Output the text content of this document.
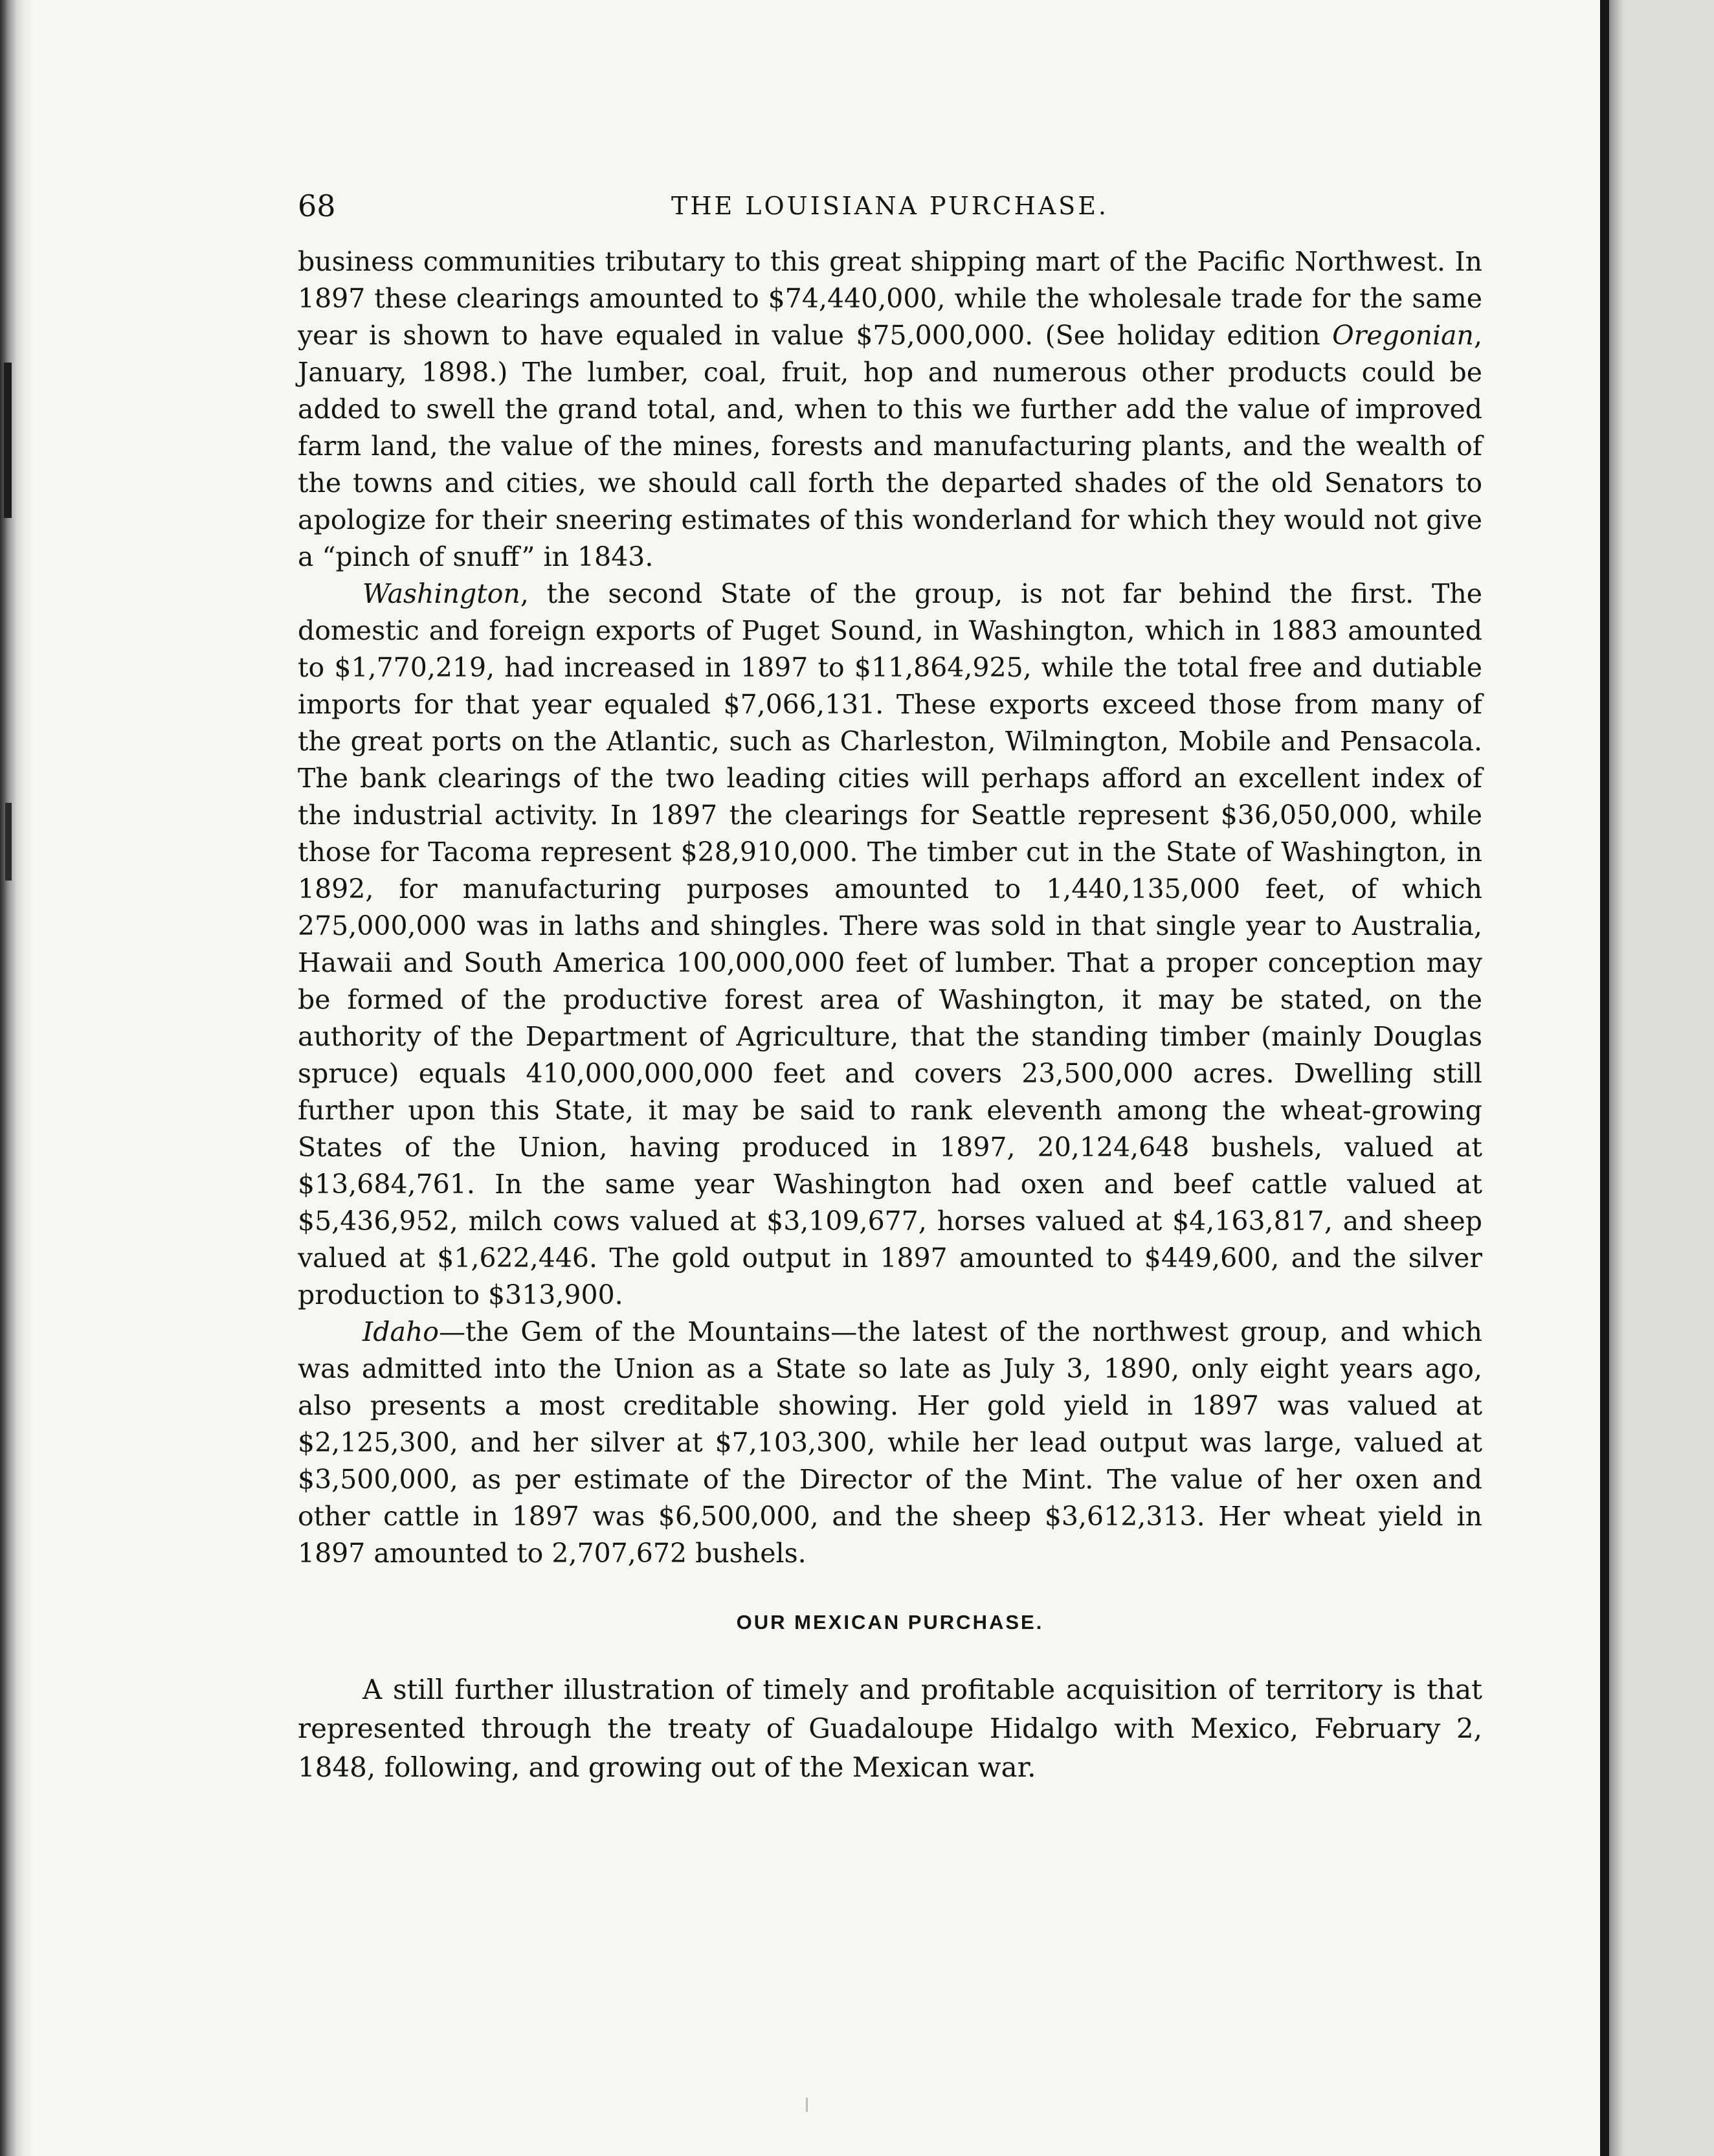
68	THE LOUISIANA PURCHASE.

business communities tributary to this great shipping mart of the Pacific Northwest. In 1897 these clearings amounted to $74,440,000, while the wholesale trade for the same year is shown to have equaled in value $75,000,000. (See holiday edition Oregonian, January, 1898.) The lumber, coal, fruit, hop and numerous other products could be added to swell the grand total, and, when to this we further add the value of improved farm land, the value of the mines, forests and manufacturing plants, and the wealth of the towns and cities, we should call forth the departed shades of the old Senators to apologize for their sneering estimates of this wonderland for which they would not give a “pinch of snuff” in 1843.

Washington, the second State of the group, is not far behind the first. The domestic and foreign exports of Puget Sound, in Washington, which in 1883 amounted to $1,770,219, had increased in 1897 to $11,864,925, while the total free and dutiable imports for that year equaled $7,066,131. These exports exceed those from many of the great ports on the Atlantic, such as Charleston, Wilmington, Mobile and Pensacola. The bank clearings of the two leading cities will perhaps afford an excellent index of the industrial activity. In 1897 the clearings for Seattle represent $36,050,000, while those for Tacoma represent $28,910,000. The timber cut in the State of Washington, in 1892, for manufacturing purposes amounted to 1,440,135,000 feet, of which 275,000,000 was in laths and shingles. There was sold in that single year to Australia, Hawaii and South America 100,000,000 feet of lumber. That a proper conception may be formed of the productive forest area of Washington, it may be stated, on the authority of the Department of Agriculture, that the standing timber (mainly Douglas spruce) equals 410,000,000,000 feet and covers 23,500,000 acres. Dwelling still further upon this State, it may be said to rank eleventh among the wheat-growing States of the Union, having produced in 1897, 20,124,648 bushels, valued at $13,684,761. In the same year Washington had oxen and beef cattle valued at $5,436,952, milch cows valued at $3,109,677, horses valued at $4,163,817, and sheep valued at $1,622,446. The gold output in 1897 amounted to $449,600, and the silver production to $313,900.

Idaho—the Gem of the Mountains—the latest of the northwest group, and which was admitted into the Union as a State so late as July 3, 1890, only eight years ago, also presents a most creditable showing. Her gold yield in 1897 was valued at $2,125,300, and her silver at $7,103,300, while her lead output was large, valued at $3,500,000, as per estimate of the Director of the Mint. The value of her oxen and other cattle in 1897 was $6,500,000, and the sheep $3,612,313. Her wheat yield in 1897 amounted to 2,707,672 bushels.

OUR MEXICAN PURCHASE.

A still further illustration of timely and profitable acquisition of territory is that represented through the treaty of Guadaloupe Hidalgo with Mexico, February 2, 1848, following, and growing out of the Mexican war.
